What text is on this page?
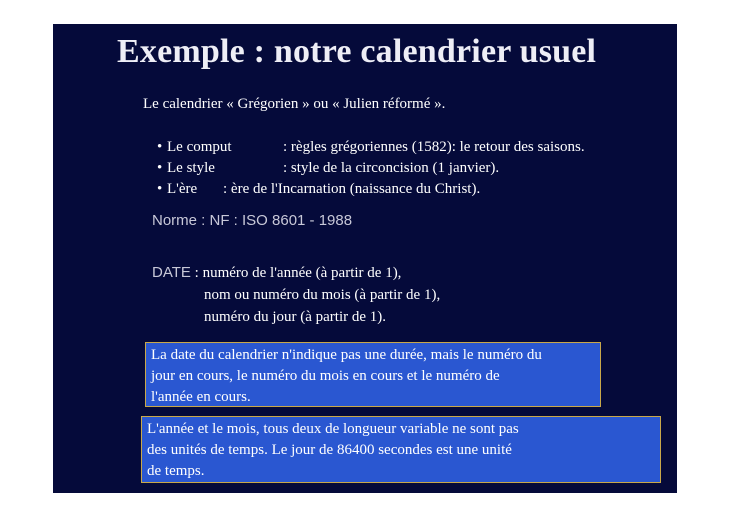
Exemple : notre calendrier usuel
Le calendrier « Grégorien » ou « Julien réformé ».
• Le comput	: règles grégoriennes (1582): le retour des saisons.
• Le style	: style de la circoncision (1 janvier).
• L'ère : ère de l'Incarnation (naissance du Christ).
Norme : NF : ISO 8601 - 1988
DATE : numéro de l'année (à partir de 1),
nom ou numéro du mois (à partir de 1),
numéro du jour (à partir de 1).
La date du calendrier n'indique pas une durée, mais le numéro du
jour en cours, le numéro du mois en cours et le numéro de
l'année en cours.
L'année et le mois, tous deux de longueur variable ne sont pas
des unités de temps. Le jour de 86400 secondes est une unité
de temps.
